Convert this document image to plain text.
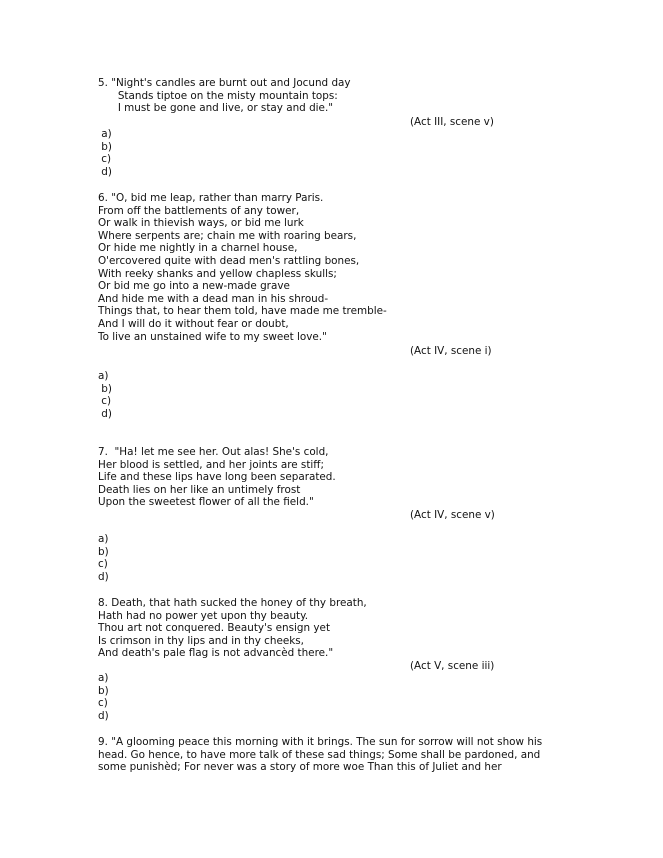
5. "Night's candles are burnt out and Jocund day
Stands tiptoe on the misty mountain tops:
I must be gone and live, or stay and die."
(Act III, scene v)
a)
b)
c)
d)
6. "O, bid me leap, rather than marry Paris.
From off the battlements of any tower,
Or walk in thievish ways, or bid me lurk
Where serpents are; chain me with roaring bears,
Or hide me nightly in a charnel house,
O'ercovered quite with dead men's rattling bones,
With reeky shanks and yellow chapless skulls;
Or bid me go into a new-made grave
And hide me with a dead man in his shroud-
Things that, to hear them told, have made me tremble-
And I will do it without fear or doubt,
To live an unstained wife to my sweet love."
(Act IV, scene i)
a)
b)
c)
d)
7.  "Ha! let me see her. Out alas! She's cold,
Her blood is settled, and her joints are stiff;
Life and these lips have long been separated.
Death lies on her like an untimely frost
Upon the sweetest flower of all the field."
(Act IV, scene v)
a)
b)
c)
d)
8. Death, that hath sucked the honey of thy breath,
Hath had no power yet upon thy beauty.
Thou art not conquered. Beauty's ensign yet
Is crimson in thy lips and in thy cheeks,
And death's pale flag is not advancèd there."
(Act V, scene iii)
a)
b)
c)
d)
9. "A glooming peace this morning with it brings. The sun for sorrow will not show his
head. Go hence, to have more talk of these sad things; Some shall be pardoned, and
some punishèd; For never was a story of more woe Than this of Juliet and her
